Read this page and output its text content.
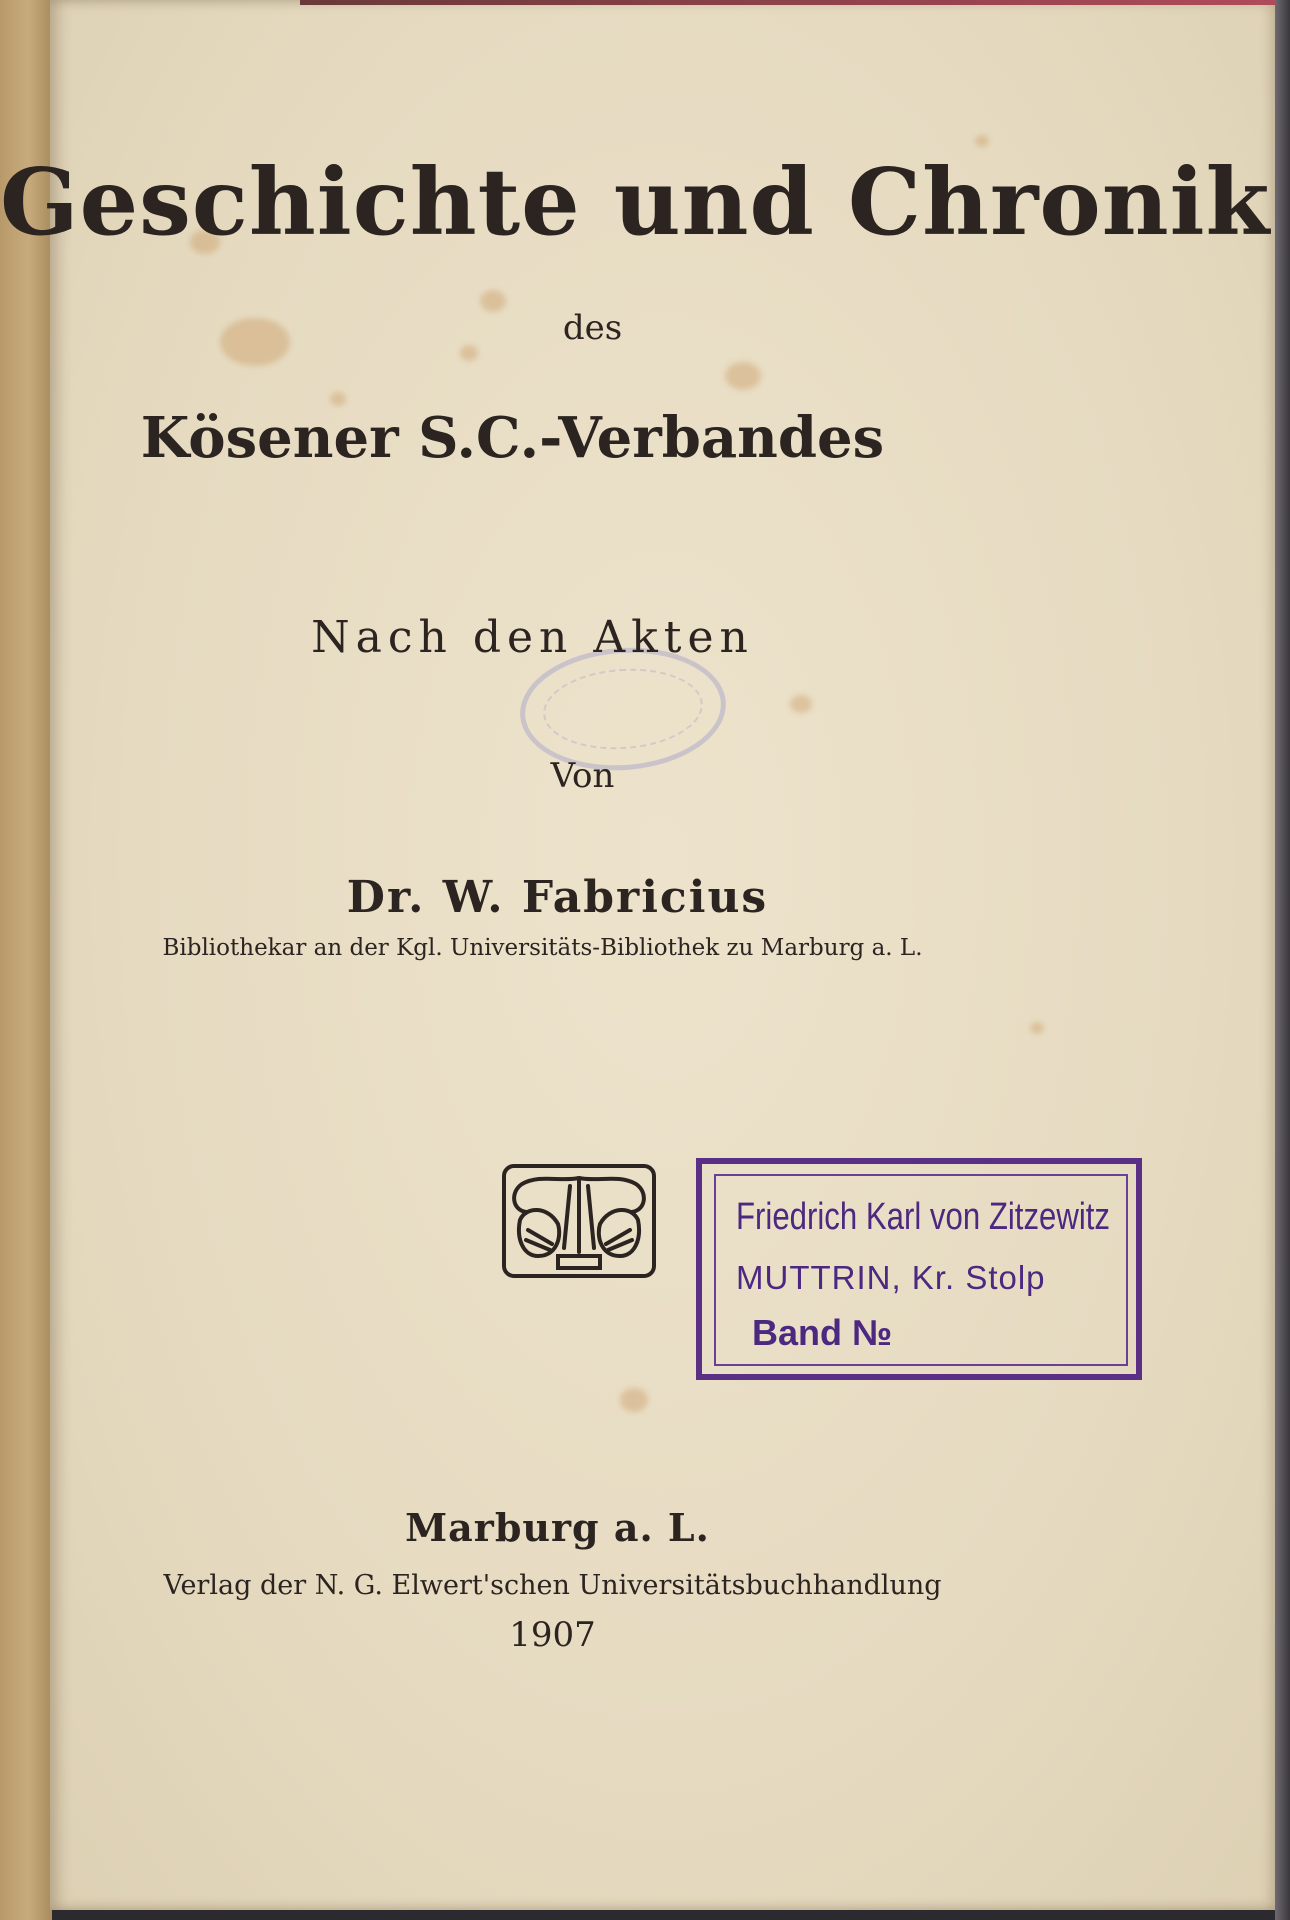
Geschichte und Chronik
des
Kösener S.C.-Verbandes
Nach den Akten
Von
Dr. W. Fabricius
Bibliothekar an der Kgl. Universitäts-Bibliothek zu Marburg a. L.
Friedrich Karl von Zitzewitz
MUTTRIN, Kr. Stolp
Band №
Marburg a. L.
Verlag der N. G. Elwert'schen Universitätsbuchhandlung
1907
